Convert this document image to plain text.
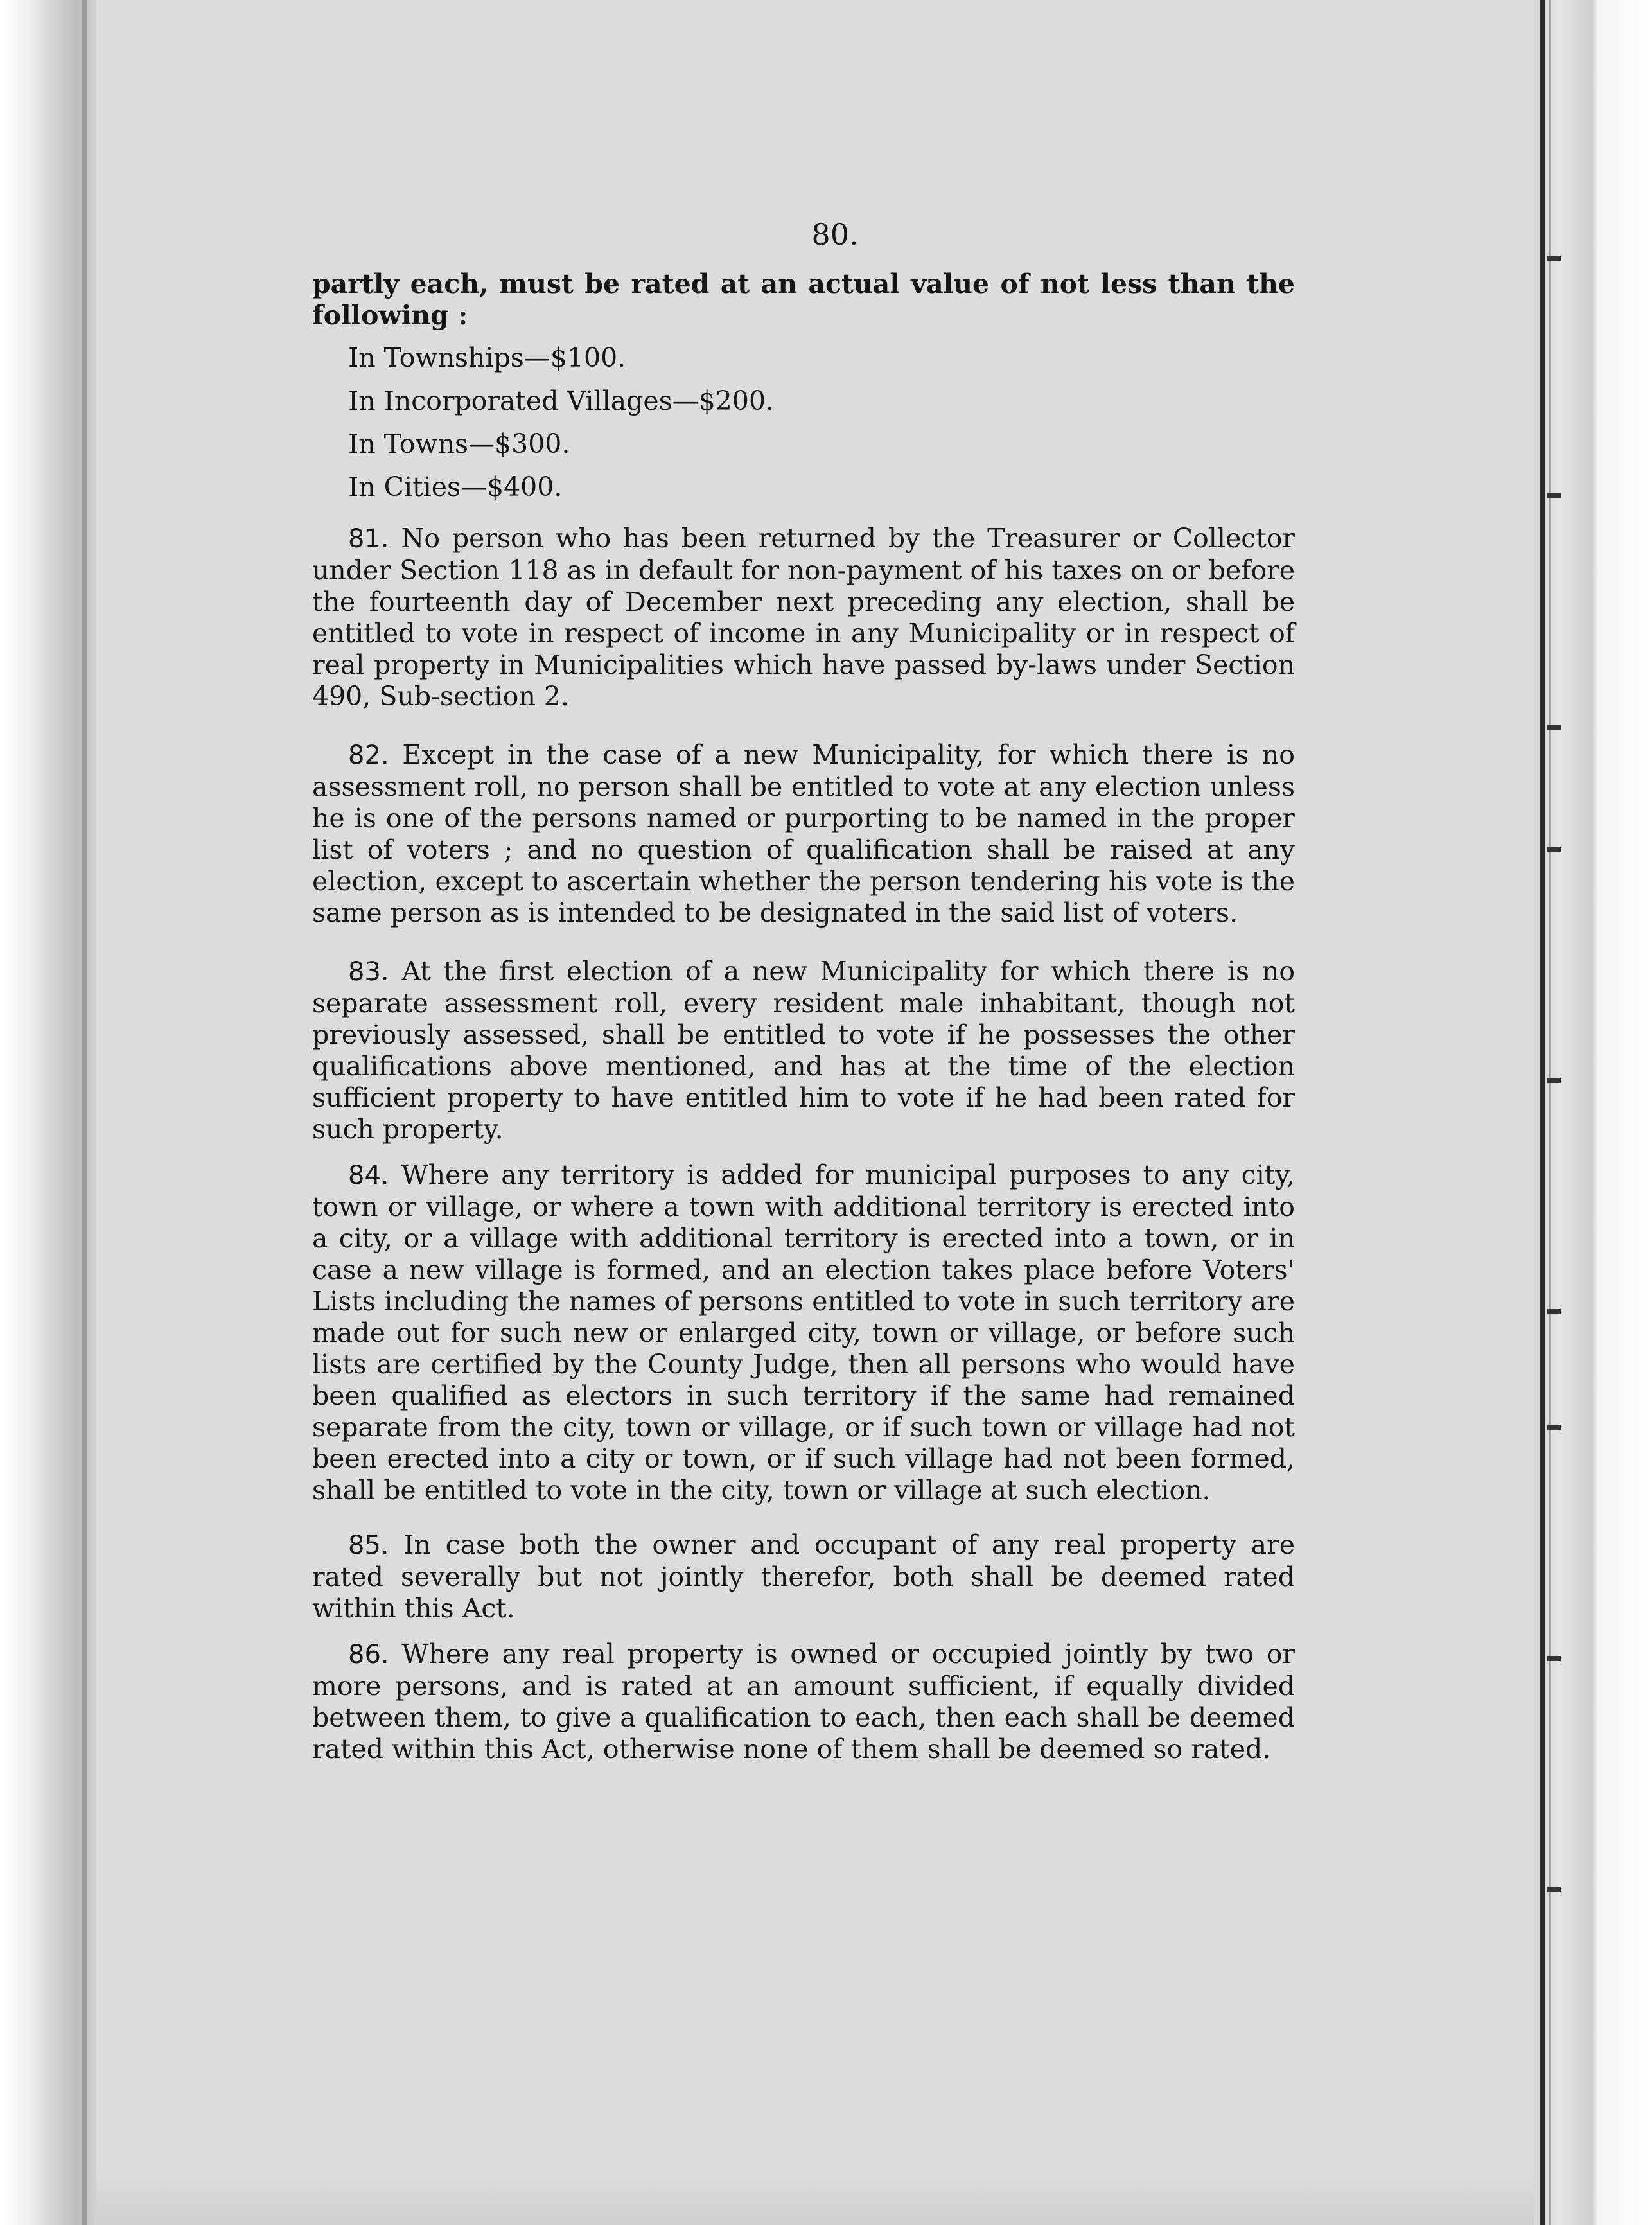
80.

partly each, must be rated at an actual value of not less than the following :

In Townships—$100.
In Incorporated Villages—$200.
In Towns—$300.
In Cities—$400.

81. No person who has been returned by the Treasurer or Collector under Section 118 as in default for non-payment of his taxes on or before the fourteenth day of December next preceding any election, shall be entitled to vote in respect of income in any Municipality or in respect of real property in Municipalities which have passed by-laws under Section 490, Sub-section 2.

82. Except in the case of a new Municipality, for which there is no assessment roll, no person shall be entitled to vote at any election unless he is one of the persons named or purporting to be named in the proper list of voters ; and no question of qualification shall be raised at any election, except to ascertain whether the person tendering his vote is the same person as is intended to be designated in the said list of voters.

83. At the first election of a new Municipality for which there is no separate assessment roll, every resident male inhabitant, though not previously assessed, shall be entitled to vote if he possesses the other qualifications above mentioned, and has at the time of the election sufficient property to have entitled him to vote if he had been rated for such property.

84. Where any territory is added for municipal purposes to any city, town or village, or where a town with additional territory is erected into a city, or a village with additional territory is erected into a town, or in case a new village is formed, and an election takes place before Voters' Lists including the names of persons entitled to vote in such territory are made out for such new or enlarged city, town or village, or before such lists are certified by the County Judge, then all persons who would have been qualified as electors in such territory if the same had remained separate from the city, town or village, or if such town or village had not been erected into a city or town, or if such village had not been formed, shall be entitled to vote in the city, town or village at such election.

85. In case both the owner and occupant of any real property are rated severally but not jointly therefor, both shall be deemed rated within this Act.

86. Where any real property is owned or occupied jointly by two or more persons, and is rated at an amount sufficient, if equally divided between them, to give a qualification to each, then each shall be deemed rated within this Act, otherwise none of them shall be deemed so rated.
